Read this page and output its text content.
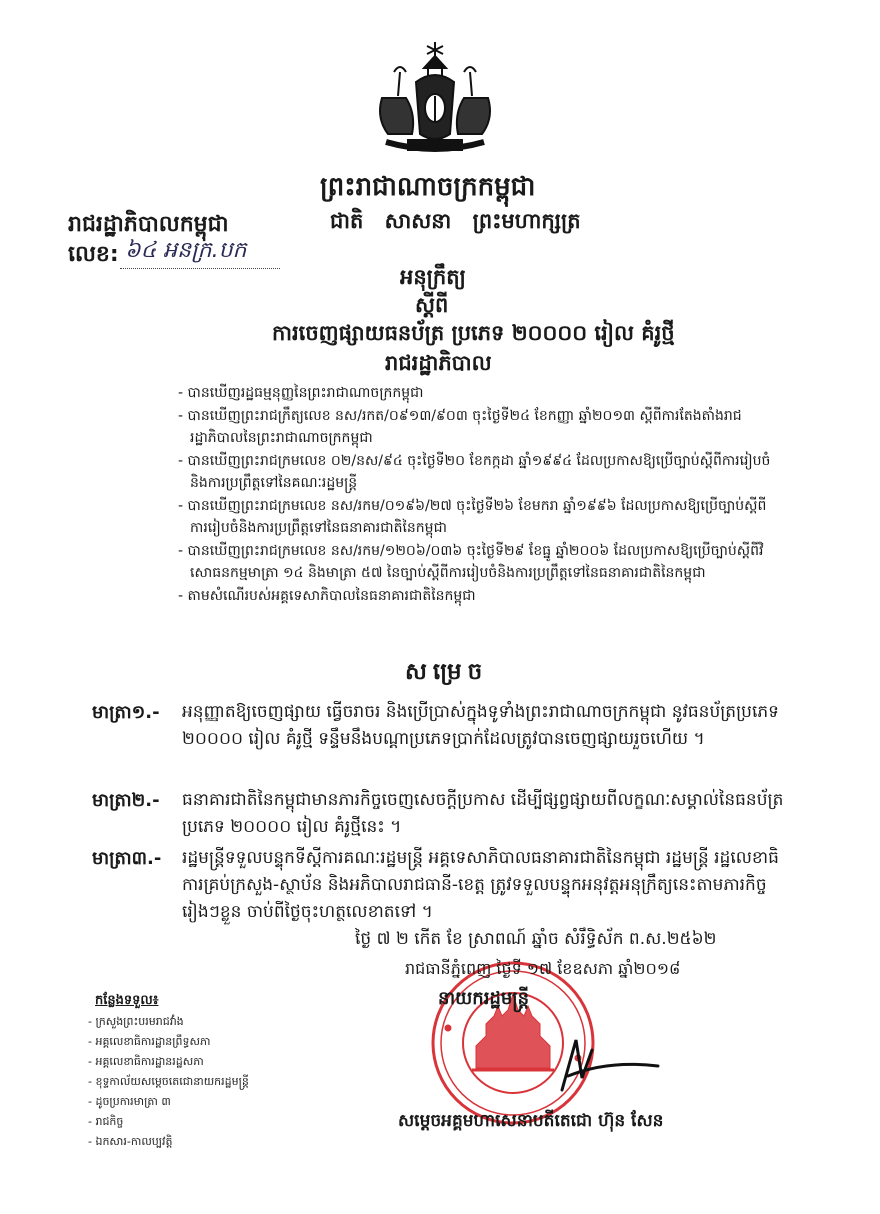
ព្រះរាជាណាចក្រកម្ពុជា
រាជរដ្ឋាភិបាលកម្ពុជា	ជាតិ សាសនា ព្រះមហាក្សត្រ
លេខ: ៦៤ អនក្រ.បក
អនុក្រឹត្យ
ស្ដីពី
ការចេញផ្សាយធនប័ត្រ ប្រភេទ ២០០០០ រៀល គំរូថ្មី
រាជរដ្ឋាភិបាល
- បានឃើញរដ្ឋធម្មនុញ្ញនៃព្រះរាជាណាចក្រកម្ពុជា
- បានឃើញព្រះរាជក្រឹត្យលេខ នស/រកត/០៩១៣/៩០៣ ចុះថ្ងៃទី២៤ ខែកញ្ញា ឆ្នាំ២០១៣ ស្ដីពីការតែងតាំងរាជរដ្ឋាភិបាលនៃព្រះរាជាណាចក្រកម្ពុជា
- បានឃើញព្រះរាជក្រមលេខ ០២/នស/៩៤ ចុះថ្ងៃទី២០ ខែកក្កដា ឆ្នាំ១៩៩៤ ដែលប្រកាសឱ្យប្រើច្បាប់ស្ដីពីការរៀបចំនិងការប្រព្រឹត្តទៅនៃគណៈរដ្ឋមន្ត្រី
- បានឃើញព្រះរាជក្រមលេខ នស/រកម/០១៩៦/២៧ ចុះថ្ងៃទី២៦ ខែមករា ឆ្នាំ១៩៩៦ ដែលប្រកាសឱ្យប្រើច្បាប់ស្ដីពីការរៀបចំនិងការប្រព្រឹត្តទៅនៃធនាគារជាតិនៃកម្ពុជា
- បានឃើញព្រះរាជក្រមលេខ នស/រកម/១២០៦/០៣៦ ចុះថ្ងៃទី២៩ ខែធ្នូ ឆ្នាំ២០០៦ ដែលប្រកាសឱ្យប្រើច្បាប់ស្ដីពីវិសោធនកម្មមាត្រា ១៤ និងមាត្រា ៥៧ នៃច្បាប់ស្ដីពីការរៀបចំនិងការប្រព្រឹត្តទៅនៃធនាគារជាតិនៃកម្ពុជា
- តាមសំណើរបស់អគ្គទេសាភិបាលនៃធនាគារជាតិនៃកម្ពុជា
សម្រេច
មាត្រា១.- អនុញ្ញាតឱ្យចេញផ្សាយ ធ្វើចរាចរ និងប្រើប្រាស់ក្នុងទូទាំងព្រះរាជាណាចក្រកម្ពុជា នូវធនប័ត្រប្រភេទ ២០០០០ រៀល គំរូថ្មី ទន្ទឹមនឹងបណ្ដាប្រភេទប្រាក់ដែលត្រូវបានចេញផ្សាយរួចហើយ ។
មាត្រា២.- ធនាគារជាតិនៃកម្ពុជាមានភារកិច្ចចេញសេចក្ដីប្រកាស ដើម្បីផ្សព្វផ្សាយពីលក្ខណៈសម្គាល់នៃធនប័ត្រប្រភេទ ២០០០០ រៀល គំរូថ្មីនេះ ។
មាត្រា៣.- រដ្ឋមន្ត្រីទទួលបន្ទុកទីស្ដីការគណៈរដ្ឋមន្ត្រី អគ្គទេសាភិបាលធនាគារជាតិនៃកម្ពុជា រដ្ឋមន្ត្រី រដ្ឋលេខាធិការគ្រប់ក្រសួង-ស្ថាប័ន និងអភិបាលរាជធានី-ខេត្ត ត្រូវទទួលបន្ទុកអនុវត្តអនុក្រឹត្យនេះតាមភារកិច្ចរៀងៗខ្លួន ចាប់ពីថ្ងៃចុះហត្ថលេខាតទៅ ។
ថ្ងៃ ៧ ២ កើត ខែ ស្រាពណ៍ ឆ្នាំច សំរឹទ្ធិស័ក ព.ស.២៥៦២
រាជធានីភ្នំពេញ ថ្ងៃទី ១៧ ខែឧសភា ឆ្នាំ២០១៨
នាយករដ្ឋមន្ត្រី
សម្ដេចអគ្គមហាសេនាបតីតេជោ ហ៊ុន សែន
កន្លែងទទួល៖
- ក្រសួងព្រះបរមរាជវាំង
- អគ្គលេខាធិការដ្ឋានព្រឹទ្ធសភា
- អគ្គលេខាធិការដ្ឋានរដ្ឋសភា
- ខុទ្ទកាល័យសម្ដេចតេជោនាយករដ្ឋមន្ត្រី
- ដូចប្រការមាត្រា ៣
- រាជកិច្ច
- ឯកសារ-កាលប្បវត្តិ
